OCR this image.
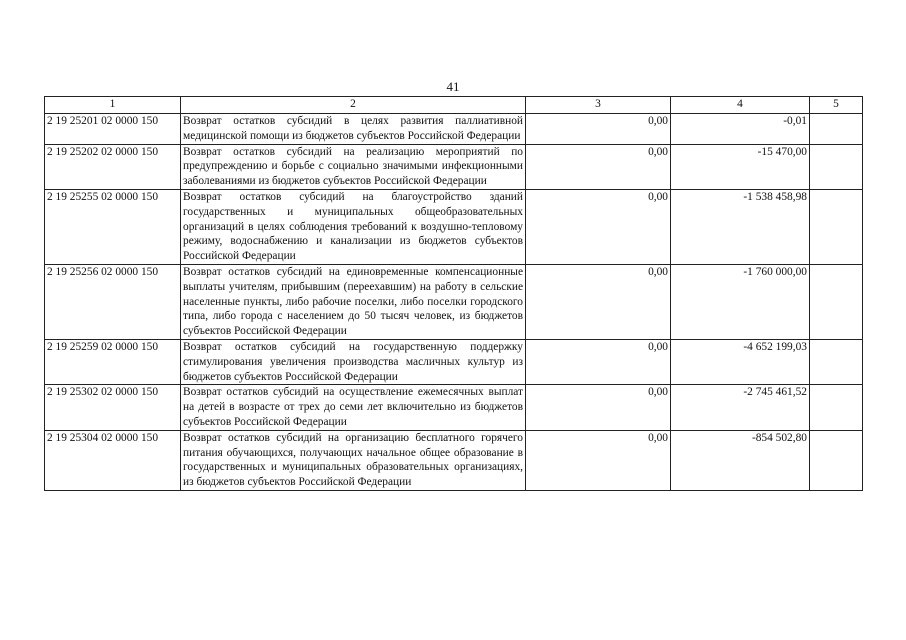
41
1	2	3	4	5
2 19 25201 02 0000 150	Возврат остатков субсидий в целях развития паллиативной медицинской помощи из бюджетов субъектов Российской Федерации	0,00	-0,01	
2 19 25202 02 0000 150	Возврат остатков субсидий на реализацию мероприятий по предупреждению и борьбе с социально значимыми инфекционными заболеваниями из бюджетов субъектов Российской Федерации	0,00	-15 470,00	
2 19 25255 02 0000 150	Возврат остатков субсидий на благоустройство зданий государственных и муниципальных общеобразовательных организаций в целях соблюдения требований к воздушно-тепловому режиму, водоснабжению и канализации из бюджетов субъектов Российской Федерации	0,00	-1 538 458,98	
2 19 25256 02 0000 150	Возврат остатков субсидий на единовременные компенсационные выплаты учителям, прибывшим (переехавшим) на работу в сельские населенные пункты, либо рабочие поселки, либо поселки городского типа, либо города с населением до 50 тысяч человек, из бюджетов субъектов Российской Федерации	0,00	-1 760 000,00	
2 19 25259 02 0000 150	Возврат остатков субсидий на государственную поддержку стимулирования увеличения производства масличных культур из бюджетов субъектов Российской Федерации	0,00	-4 652 199,03	
2 19 25302 02 0000 150	Возврат остатков субсидий на осуществление ежемесячных выплат на детей в возрасте от трех до семи лет включительно из бюджетов субъектов Российской Федерации	0,00	-2 745 461,52	
2 19 25304 02 0000 150	Возврат остатков субсидий на организацию бесплатного горячего питания обучающихся, получающих начальное общее образование в государственных и муниципальных образовательных организациях, из бюджетов субъектов Российской Федерации	0,00	-854 502,80	
